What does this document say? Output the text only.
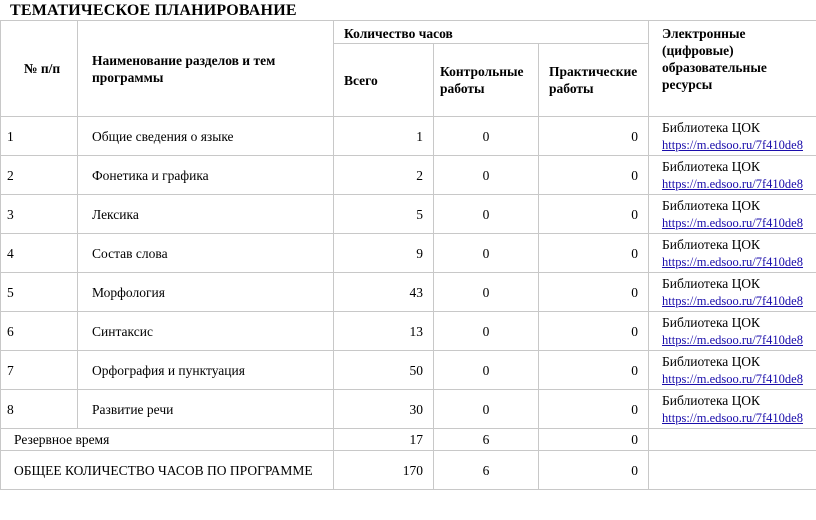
ТЕМАТИЧЕСКОЕ ПЛАНИРОВАНИЕ
№ п/п	Наименование разделов и тем программы	Количество часов			Электронные (цифровые) образовательные ресурсы
		Всего	Контрольные работы	Практические работы	
1	Общие сведения о языке	1	0	0	Библиотека ЦОК
https://m.edsoo.ru/7f410de8
2	Фонетика и графика	2	0	0	Библиотека ЦОК
https://m.edsoo.ru/7f410de8
3	Лексика	5	0	0	Библиотека ЦОК
https://m.edsoo.ru/7f410de8
4	Состав слова	9	0	0	Библиотека ЦОК
https://m.edsoo.ru/7f410de8
5	Морфология	43	0	0	Библиотека ЦОК
https://m.edsoo.ru/7f410de8
6	Синтаксис	13	0	0	Библиотека ЦОК
https://m.edsoo.ru/7f410de8
7	Орфография и пунктуация	50	0	0	Библиотека ЦОК
https://m.edsoo.ru/7f410de8
8	Развитие речи	30	0	0	Библиотека ЦОК
https://m.edsoo.ru/7f410de8
Резервное время		17	6	0	
ОБЩЕЕ КОЛИЧЕСТВО ЧАСОВ ПО ПРОГРАММЕ		170	6	0	
